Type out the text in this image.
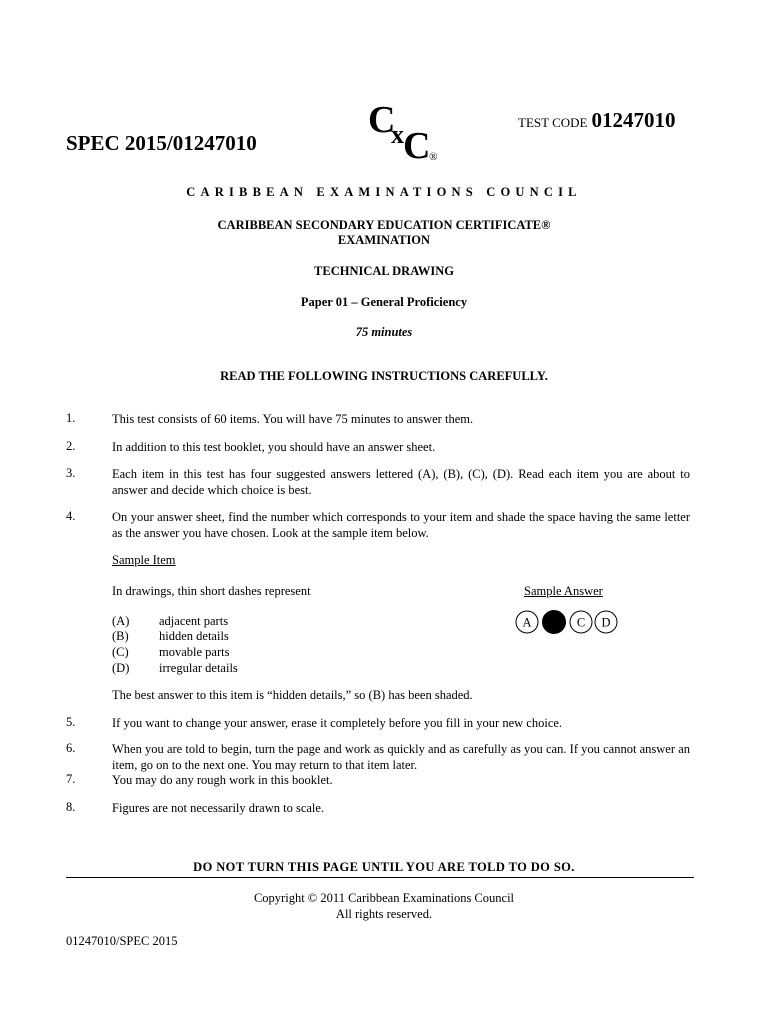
SPEC 2015/01247010
C
x C
®
TEST CODE 01247010
CARIBBEAN EXAMINATIONS COUNCIL
CARIBBEAN SECONDARY EDUCATION CERTIFICATE®
EXAMINATION
TECHNICAL DRAWING
Paper 01 – General Proficiency
75 minutes
READ THE FOLLOWING INSTRUCTIONS CAREFULLY.
1.	This test consists of 60 items. You will have 75 minutes to answer them.
2.	In addition to this test booklet, you should have an answer sheet.
3.	Each item in this test has four suggested answers lettered (A), (B), (C), (D). Read each item you are about to answer and decide which choice is best.
4.	On your answer sheet, find the number which corresponds to your item and shade the space having the same letter as the answer you have chosen. Look at the sample item below.
Sample Item
In drawings, thin short dashes represent	Sample Answer
(A) adjacent parts
(B) hidden details
(C) movable parts
(D) irregular details
A	C D
The best answer to this item is “hidden details,” so (B) has been shaded.
5.	If you want to change your answer, erase it completely before you fill in your new choice.
6.	When you are told to begin, turn the page and work as quickly and as carefully as you can. If you cannot answer an item, go on to the next one. You may return to that item later.
7.	You may do any rough work in this booklet.
8.	Figures are not necessarily drawn to scale.
DO NOT TURN THIS PAGE UNTIL YOU ARE TOLD TO DO SO.
Copyright © 2011 Caribbean Examinations Council
All rights reserved.
01247010/SPEC 2015
